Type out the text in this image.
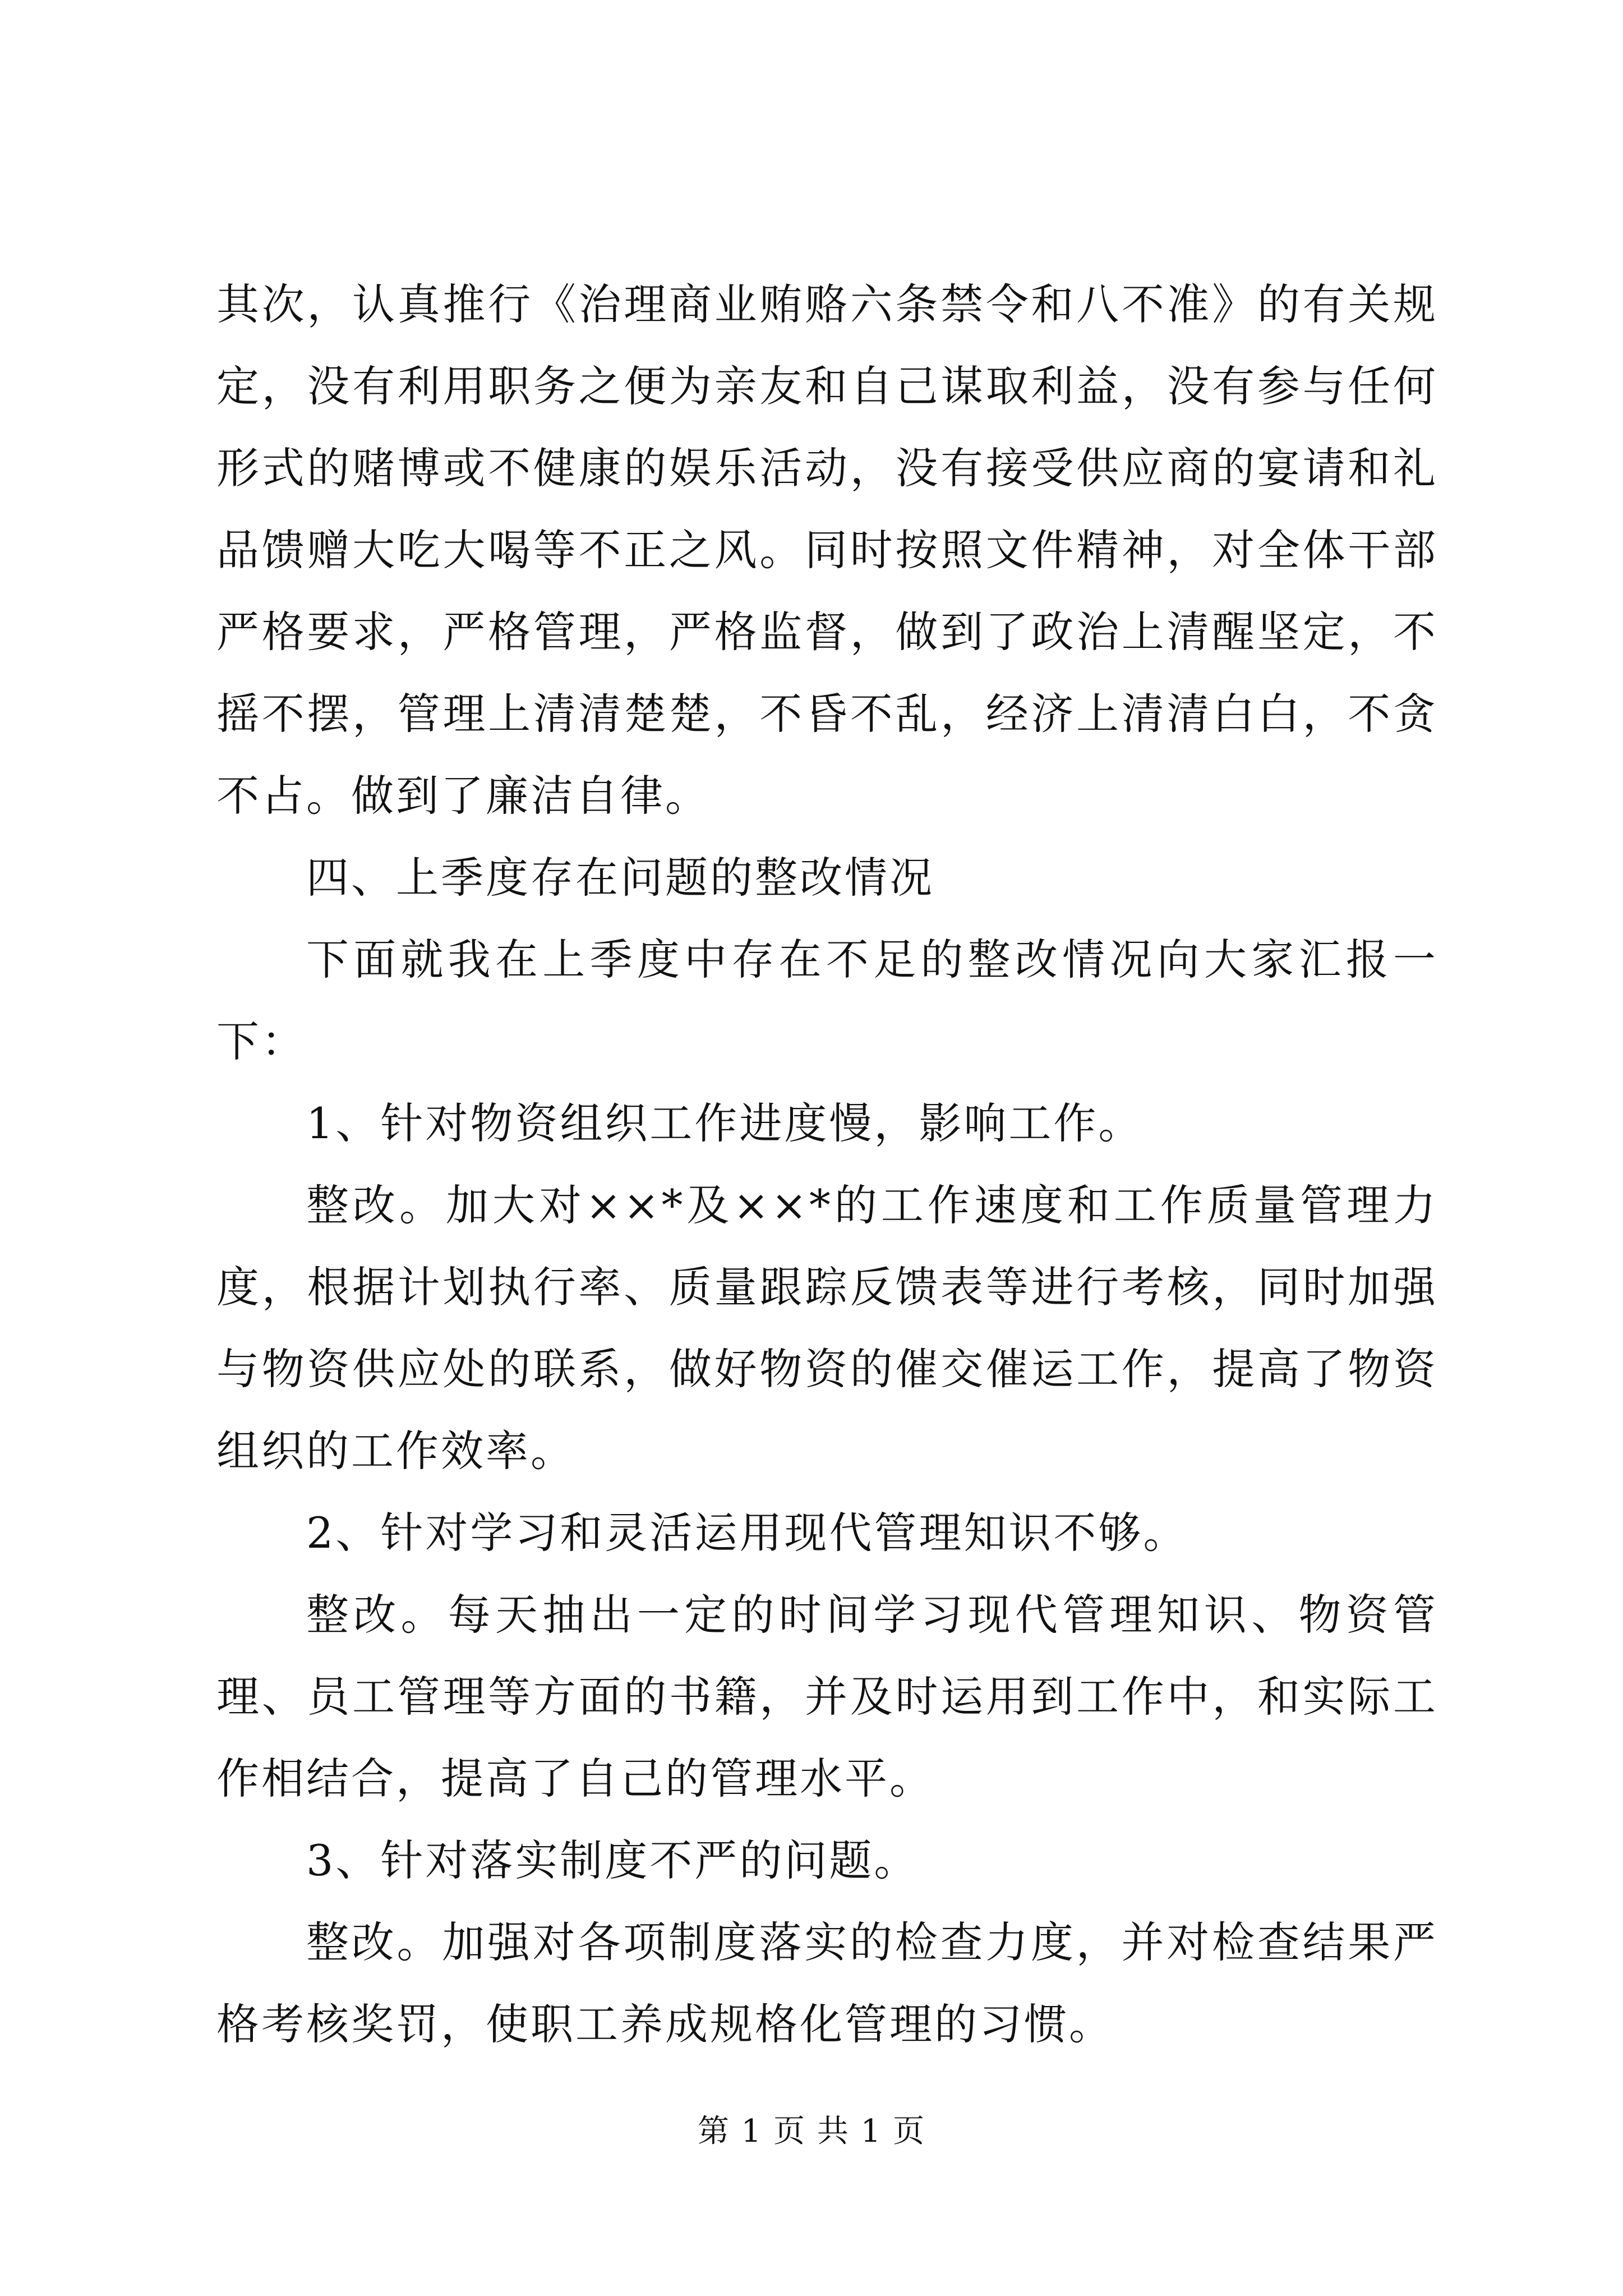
其次，认真推行《治理商业贿赂六条禁令和八不准》的有关规定，没有利用职务之便为亲友和自己谋取利益，没有参与任何形式的赌博或不健康的娱乐活动，没有接受供应商的宴请和礼品馈赠大吃大喝等不正之风。同时按照文件精神，对全体干部严格要求，严格管理，严格监督，做到了政治上清醒坚定，不摇不摆，管理上清清楚楚，不昏不乱，经济上清清白白，不贪不占。做到了廉洁自律。

四、上季度存在问题的整改情况

下面就我在上季度中存在不足的整改情况向大家汇报一下：

1、针对物资组织工作进度慢，影响工作。

整改。加大对××*及××*的工作速度和工作质量管理力度，根据计划执行率、质量跟踪反馈表等进行考核，同时加强与物资供应处的联系，做好物资的催交催运工作，提高了物资组织的工作效率。

2、针对学习和灵活运用现代管理知识不够。

整改。每天抽出一定的时间学习现代管理知识、物资管理、员工管理等方面的书籍，并及时运用到工作中，和实际工作相结合，提高了自己的管理水平。

3、针对落实制度不严的问题。

整改。加强对各项制度落实的检查力度，并对检查结果严格考核奖罚，使职工养成规格化管理的习惯。

第 1 页 共 1 页
